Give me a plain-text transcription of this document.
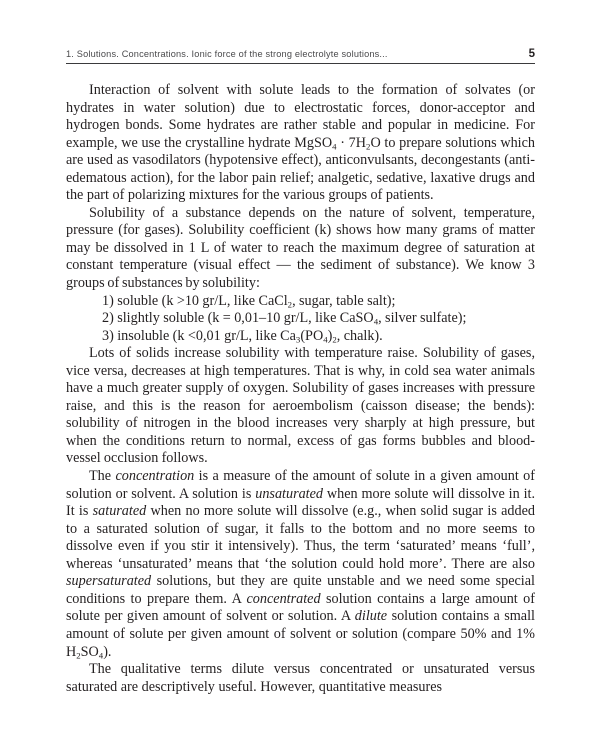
1. Solutions. Concentrations. Ionic force of the strong electrolyte solutions...	5

Interaction of solvent with solute leads to the formation of solvates (or hydrates in water solution) due to electrostatic forces, donor-acceptor and hydrogen bonds. Some hydrates are rather stable and popular in medicine. For example, we use the crystalline hydrate MgSO$_4$ · $7H_2O$ to prepare solutions which are used as vasodilators (hypotensive effect), anticonvulsants, decongestants (anti-edematous action), for the labor pain relief; analgetic, sedative, laxative drugs and the part of polarizing mixtures for the various groups of patients.

Solubility of a substance depends on the nature of solvent, temperature, pressure (for gases). Solubility coefficient (k) shows how many grams of matter may be dissolved in 1 L of water to reach the maximum degree of saturation at constant temperature (visual effect — the sediment of substance). We know 3 groups of substances by solubility:

1) soluble (k >10 gr/L, like CaCl$_2$, sugar, table salt);
2) slightly soluble (k = 0,01–10 gr/L, like CaSO$_4$, silver sulfate);
3) insoluble (k <0,01 gr/L, like $Ca_3(PO_4)_2$, chalk).

Lots of solids increase solubility with temperature raise. Solubility of gases, vice versa, decreases at high temperatures. That is why, in cold sea water animals have a much greater supply of oxygen. Solubility of gases increases with pressure raise, and this is the reason for aeroembolism (caisson disease; the bends): solubility of nitrogen in the blood increases very sharply at high pressure, but when the conditions return to normal, excess of gas forms bubbles and blood-vessel occlusion follows.

The concentration is a measure of the amount of solute in a given amount of solution or solvent. A solution is unsaturated when more solute will dissolve in it. It is saturated when no more solute will dissolve (e.g., when solid sugar is added to a saturated solution of sugar, it falls to the bottom and no more seems to dissolve even if you stir it intensively). Thus, the term ‘saturated’ means ‘full’, whereas ‘unsaturated’ means that ‘the solution could hold more’. There are also supersaturated solutions, but they are quite unstable and we need some special conditions to prepare them. A concentrated solution contains a large amount of solute per given amount of solvent or solution. A dilute solution contains a small amount of solute per given amount of solvent or solution (compare 50% and 1% $H_2SO_4$).

The qualitative terms dilute versus concentrated or unsaturated versus saturated are descriptively useful. However, quantitative measures
